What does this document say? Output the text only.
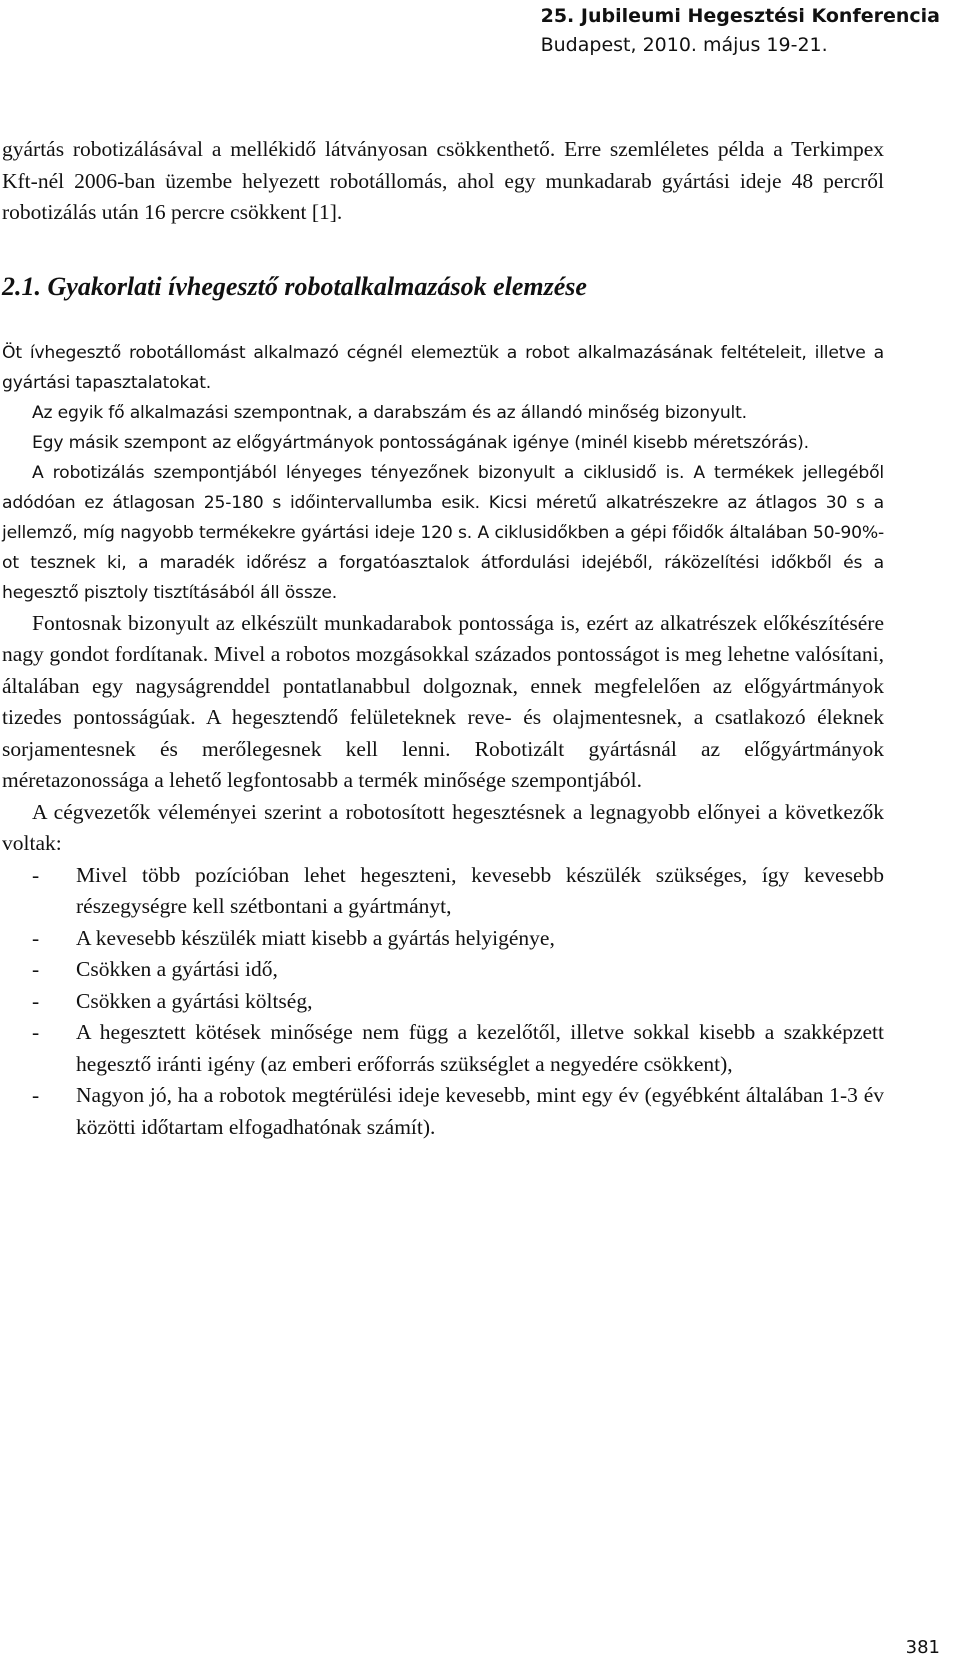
25. Jubileumi Hegesztési Konferencia
Budapest, 2010. május 19-21.

gyártás robotizálásával a mellékidő látványosan csökkenthető. Erre szemléletes példa a Terkimpex Kft-nél 2006-ban üzembe helyezett robotállomás, ahol egy munkadarab gyártási ideje 48 percről robotizálás után 16 percre csökkent [1].

2.1. Gyakorlati ívhegesztő robotalkalmazások elemzése

Öt ívhegesztő robotállomást alkalmazó cégnél elemeztük a robot alkalmazásának feltételeit, illetve a gyártási tapasztalatokat.

Az egyik fő alkalmazási szempontnak, a darabszám és az állandó minőség bizonyult.

Egy másik szempont az előgyártmányok pontosságának igénye (minél kisebb méretszórás).

A robotizálás szempontjából lényeges tényezőnek bizonyult a ciklusidő is. A termékek jellegéből adódóan ez átlagosan 25-180 s időintervallumba esik. Kicsi méretű alkatrészekre az átlagos 30 s a jellemző, míg nagyobb termékekre gyártási ideje 120 s. A ciklusidőkben a gépi főidők általában 50-90%-ot tesznek ki, a maradék időrész a forgatóasztalok átfordulási idejéből, ráközelítési időkből és a hegesztő pisztoly tisztításából áll össze.

Fontosnak bizonyult az elkészült munkadarabok pontossága is, ezért az alkatrészek előkészítésére nagy gondot fordítanak. Mivel a robotos mozgásokkal százados pontosságot is meg lehetne valósítani, általában egy nagyságrenddel pontatlanabbul dolgoznak, ennek megfelelően az előgyártmányok tizedes pontosságúak. A hegesztendő felületeknek reve- és olajmentesnek, a csatlakozó éleknek sorjamentesnek és merőlegesnek kell lenni. Robotizált gyártásnál az előgyártmányok méretazonossága a lehető legfontosabb a termék minősége szempontjából.

A cégvezetők véleményei szerint a robotosított hegesztésnek a legnagyobb előnyei a következők voltak:

- Mivel több pozícióban lehet hegeszteni, kevesebb készülék szükséges, így kevesebb részegységre kell szétbontani a gyártmányt,
- A kevesebb készülék miatt kisebb a gyártás helyigénye,
- Csökken a gyártási idő,
- Csökken a gyártási költség,
- A hegesztett kötések minősége nem függ a kezelőtől, illetve sokkal kisebb a szakképzett hegesztő iránti igény (az emberi erőforrás szükséglet a negyedére csökkent),
- Nagyon jó, ha a robotok megtérülési ideje kevesebb, mint egy év (egyébként általában 1-3 év közötti időtartam elfogadhatónak számít).
381
